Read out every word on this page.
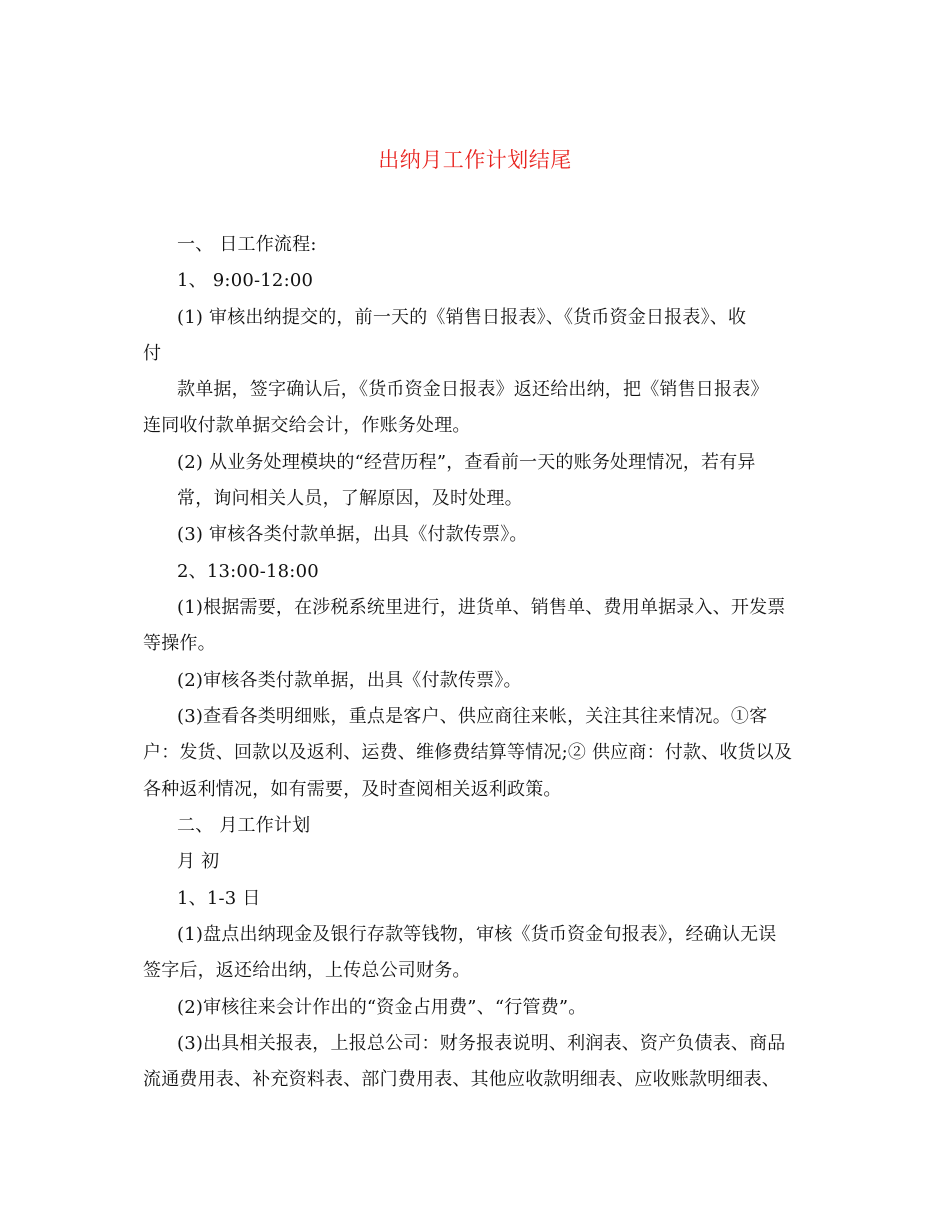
出纳月工作计划结尾
一、 日工作流程:
1、 9:00-12:00
(1) 审核出纳提交的，前一天的《销售日报表》、《货币资金日报表》、收
付
款单据，签字确认后，《货币资金日报表》返还给出纳，把《销售日报表》
连同收付款单据交给会计，作账务处理。
(2) 从业务处理模块的“经营历程”，查看前一天的账务处理情况，若有异
常，询问相关人员，了解原因，及时处理。
(3) 审核各类付款单据，出具《付款传票》。
2、13:00-18:00
(1)根据需要，在涉税系统里进行，进货单、销售单、费用单据录入、开发票
等操作。
(2)审核各类付款单据，出具《付款传票》。
(3)查看各类明细账，重点是客户、供应商往来帐，关注其往来情况。①客
户：发货、回款以及返利、运费、维修费结算等情况;② 供应商：付款、收货以及
各种返利情况，如有需要，及时查阅相关返利政策。
二、 月工作计划
月 初
1、1-3 日
(1)盘点出纳现金及银行存款等钱物，审核《货币资金旬报表》，经确认无误
签字后，返还给出纳，上传总公司财务。
(2)审核往来会计作出的“资金占用费”、“行管费”。
(3)出具相关报表，上报总公司：财务报表说明、利润表、资产负债表、商品
流通费用表、补充资料表、部门费用表、其他应收款明细表、应收账款明细表、
